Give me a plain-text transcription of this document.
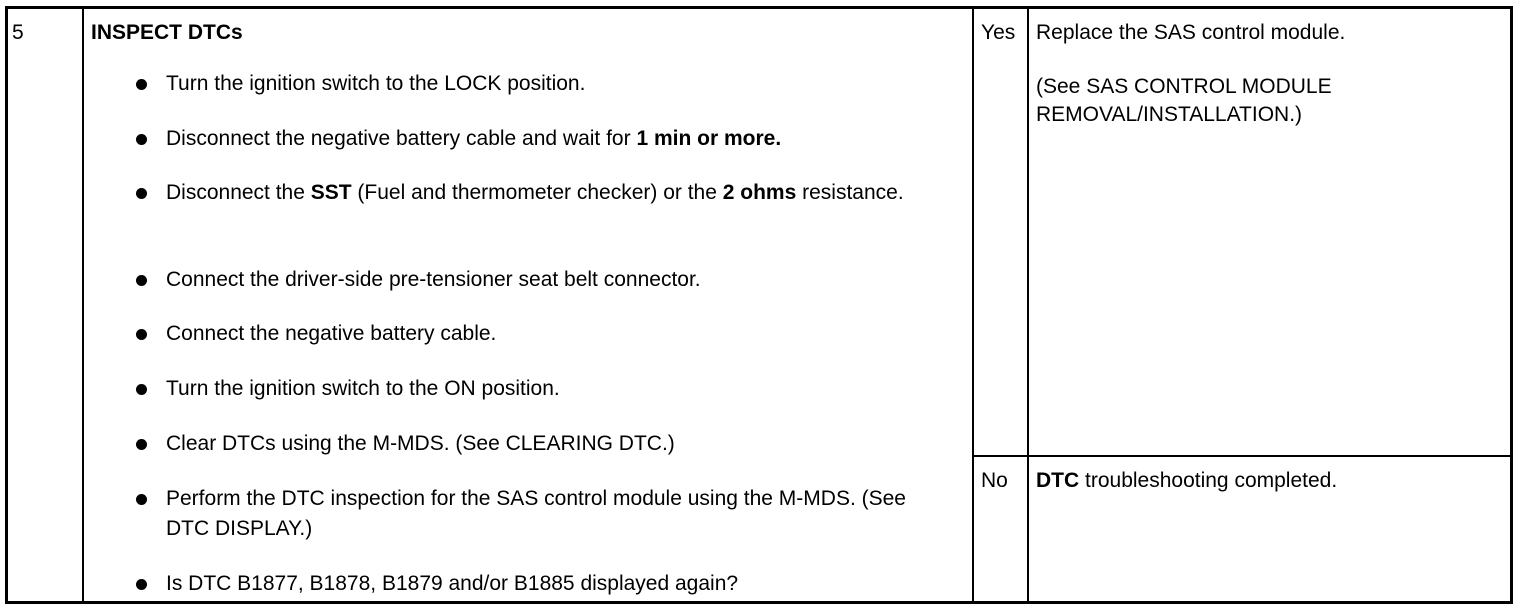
5	INSPECT DTCs
Turn the ignition switch to the LOCK position.
Disconnect the negative battery cable and wait for 1 min or more.
Disconnect the SST (Fuel and thermometer checker) or the 2 ohms resistance.
Connect the driver-side pre-tensioner seat belt connector.
Connect the negative battery cable.
Turn the ignition switch to the ON position.
Clear DTCs using the M-MDS. (See CLEARING DTC.)
Perform the DTC inspection for the SAS control module using the M-MDS. (See DTC DISPLAY.)
Is DTC B1877, B1878, B1879 and/or B1885 displayed again?
Yes Replace the SAS control module.
(See SAS CONTROL MODULE REMOVAL/INSTALLATION.)
No DTC troubleshooting completed.
